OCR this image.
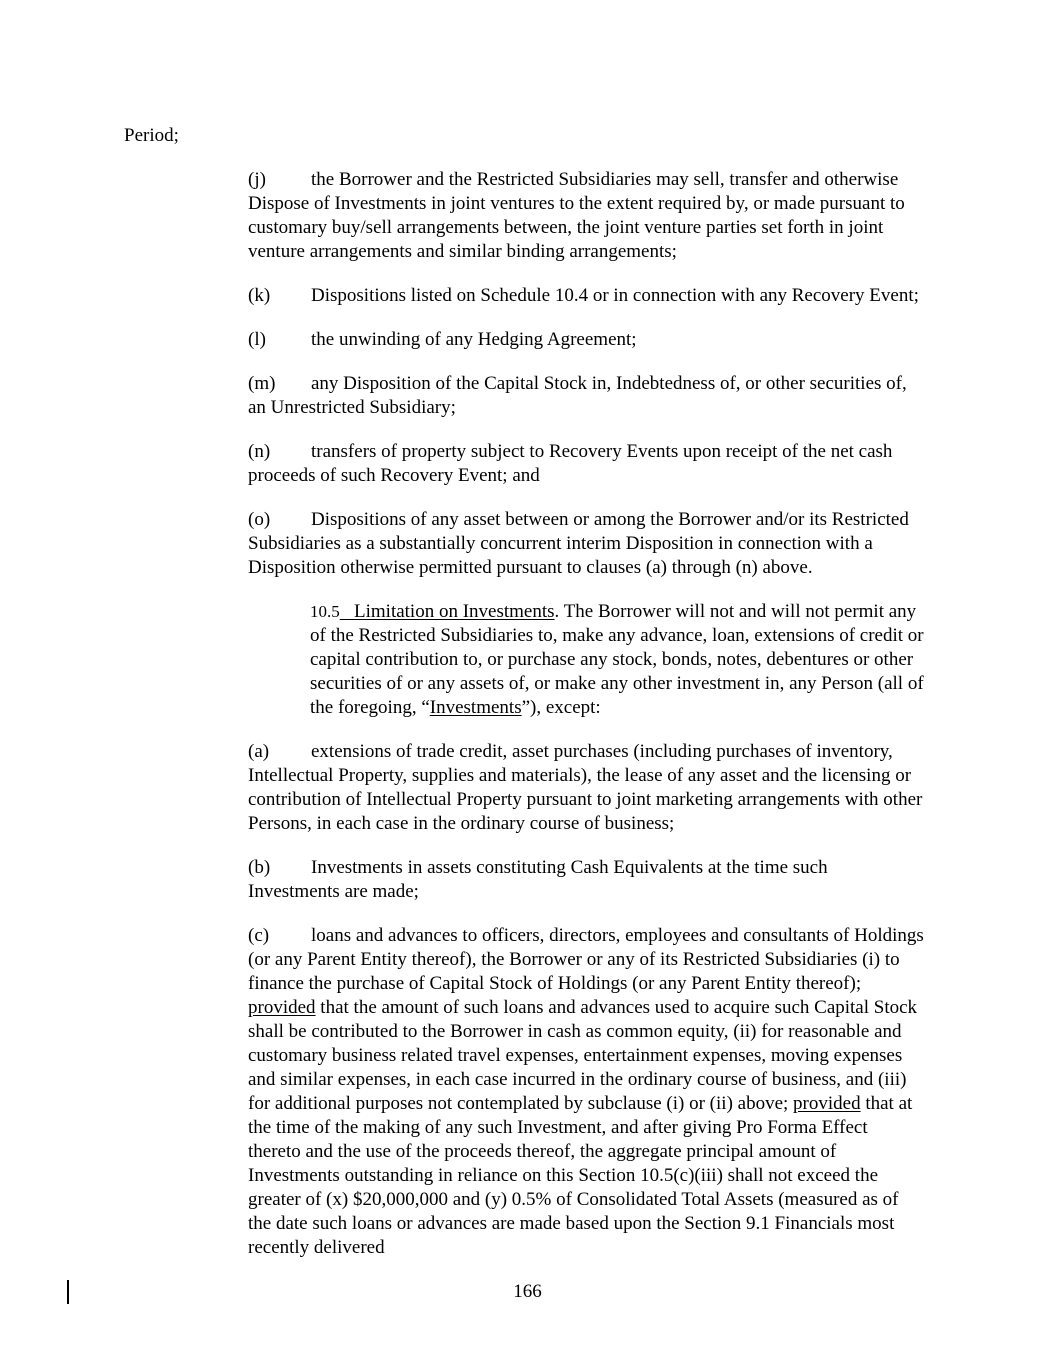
Period;

(j) the Borrower and the Restricted Subsidiaries may sell, transfer and otherwise Dispose of Investments in joint ventures to the extent required by, or made pursuant to customary buy/sell arrangements between, the joint venture parties set forth in joint venture arrangements and similar binding arrangements;

(k) Dispositions listed on Schedule 10.4 or in connection with any Recovery Event;

(l) the unwinding of any Hedging Agreement;

(m) any Disposition of the Capital Stock in, Indebtedness of, or other securities of, an Unrestricted Subsidiary;

(n) transfers of property subject to Recovery Events upon receipt of the net cash proceeds of such Recovery Event; and

(o) Dispositions of any asset between or among the Borrower and/or its Restricted Subsidiaries as a substantially concurrent interim Disposition in connection with a Disposition otherwise permitted pursuant to clauses (a) through (n) above.

10.5 Limitation on Investments. The Borrower will not and will not permit any of the Restricted Subsidiaries to, make any advance, loan, extensions of credit or capital contribution to, or purchase any stock, bonds, notes, debentures or other securities of or any assets of, or make any other investment in, any Person (all of the foregoing, “Investments”), except:

(a) extensions of trade credit, asset purchases (including purchases of inventory, Intellectual Property, supplies and materials), the lease of any asset and the licensing or contribution of Intellectual Property pursuant to joint marketing arrangements with other Persons, in each case in the ordinary course of business;

(b) Investments in assets constituting Cash Equivalents at the time such Investments are made;

(c) loans and advances to officers, directors, employees and consultants of Holdings (or any Parent Entity thereof), the Borrower or any of its Restricted Subsidiaries (i) to finance the purchase of Capital Stock of Holdings (or any Parent Entity thereof); provided that the amount of such loans and advances used to acquire such Capital Stock shall be contributed to the Borrower in cash as common equity, (ii) for reasonable and customary business related travel expenses, entertainment expenses, moving expenses and similar expenses, in each case incurred in the ordinary course of business, and (iii) for additional purposes not contemplated by subclause (i) or (ii) above; provided that at the time of the making of any such Investment, and after giving Pro Forma Effect thereto and the use of the proceeds thereof, the aggregate principal amount of Investments outstanding in reliance on this Section 10.5(c)(iii) shall not exceed the greater of (x) $20,000,000 and (y) 0.5% of Consolidated Total Assets (measured as of the date such loans or advances are made based upon the Section 9.1 Financials most recently delivered

166
